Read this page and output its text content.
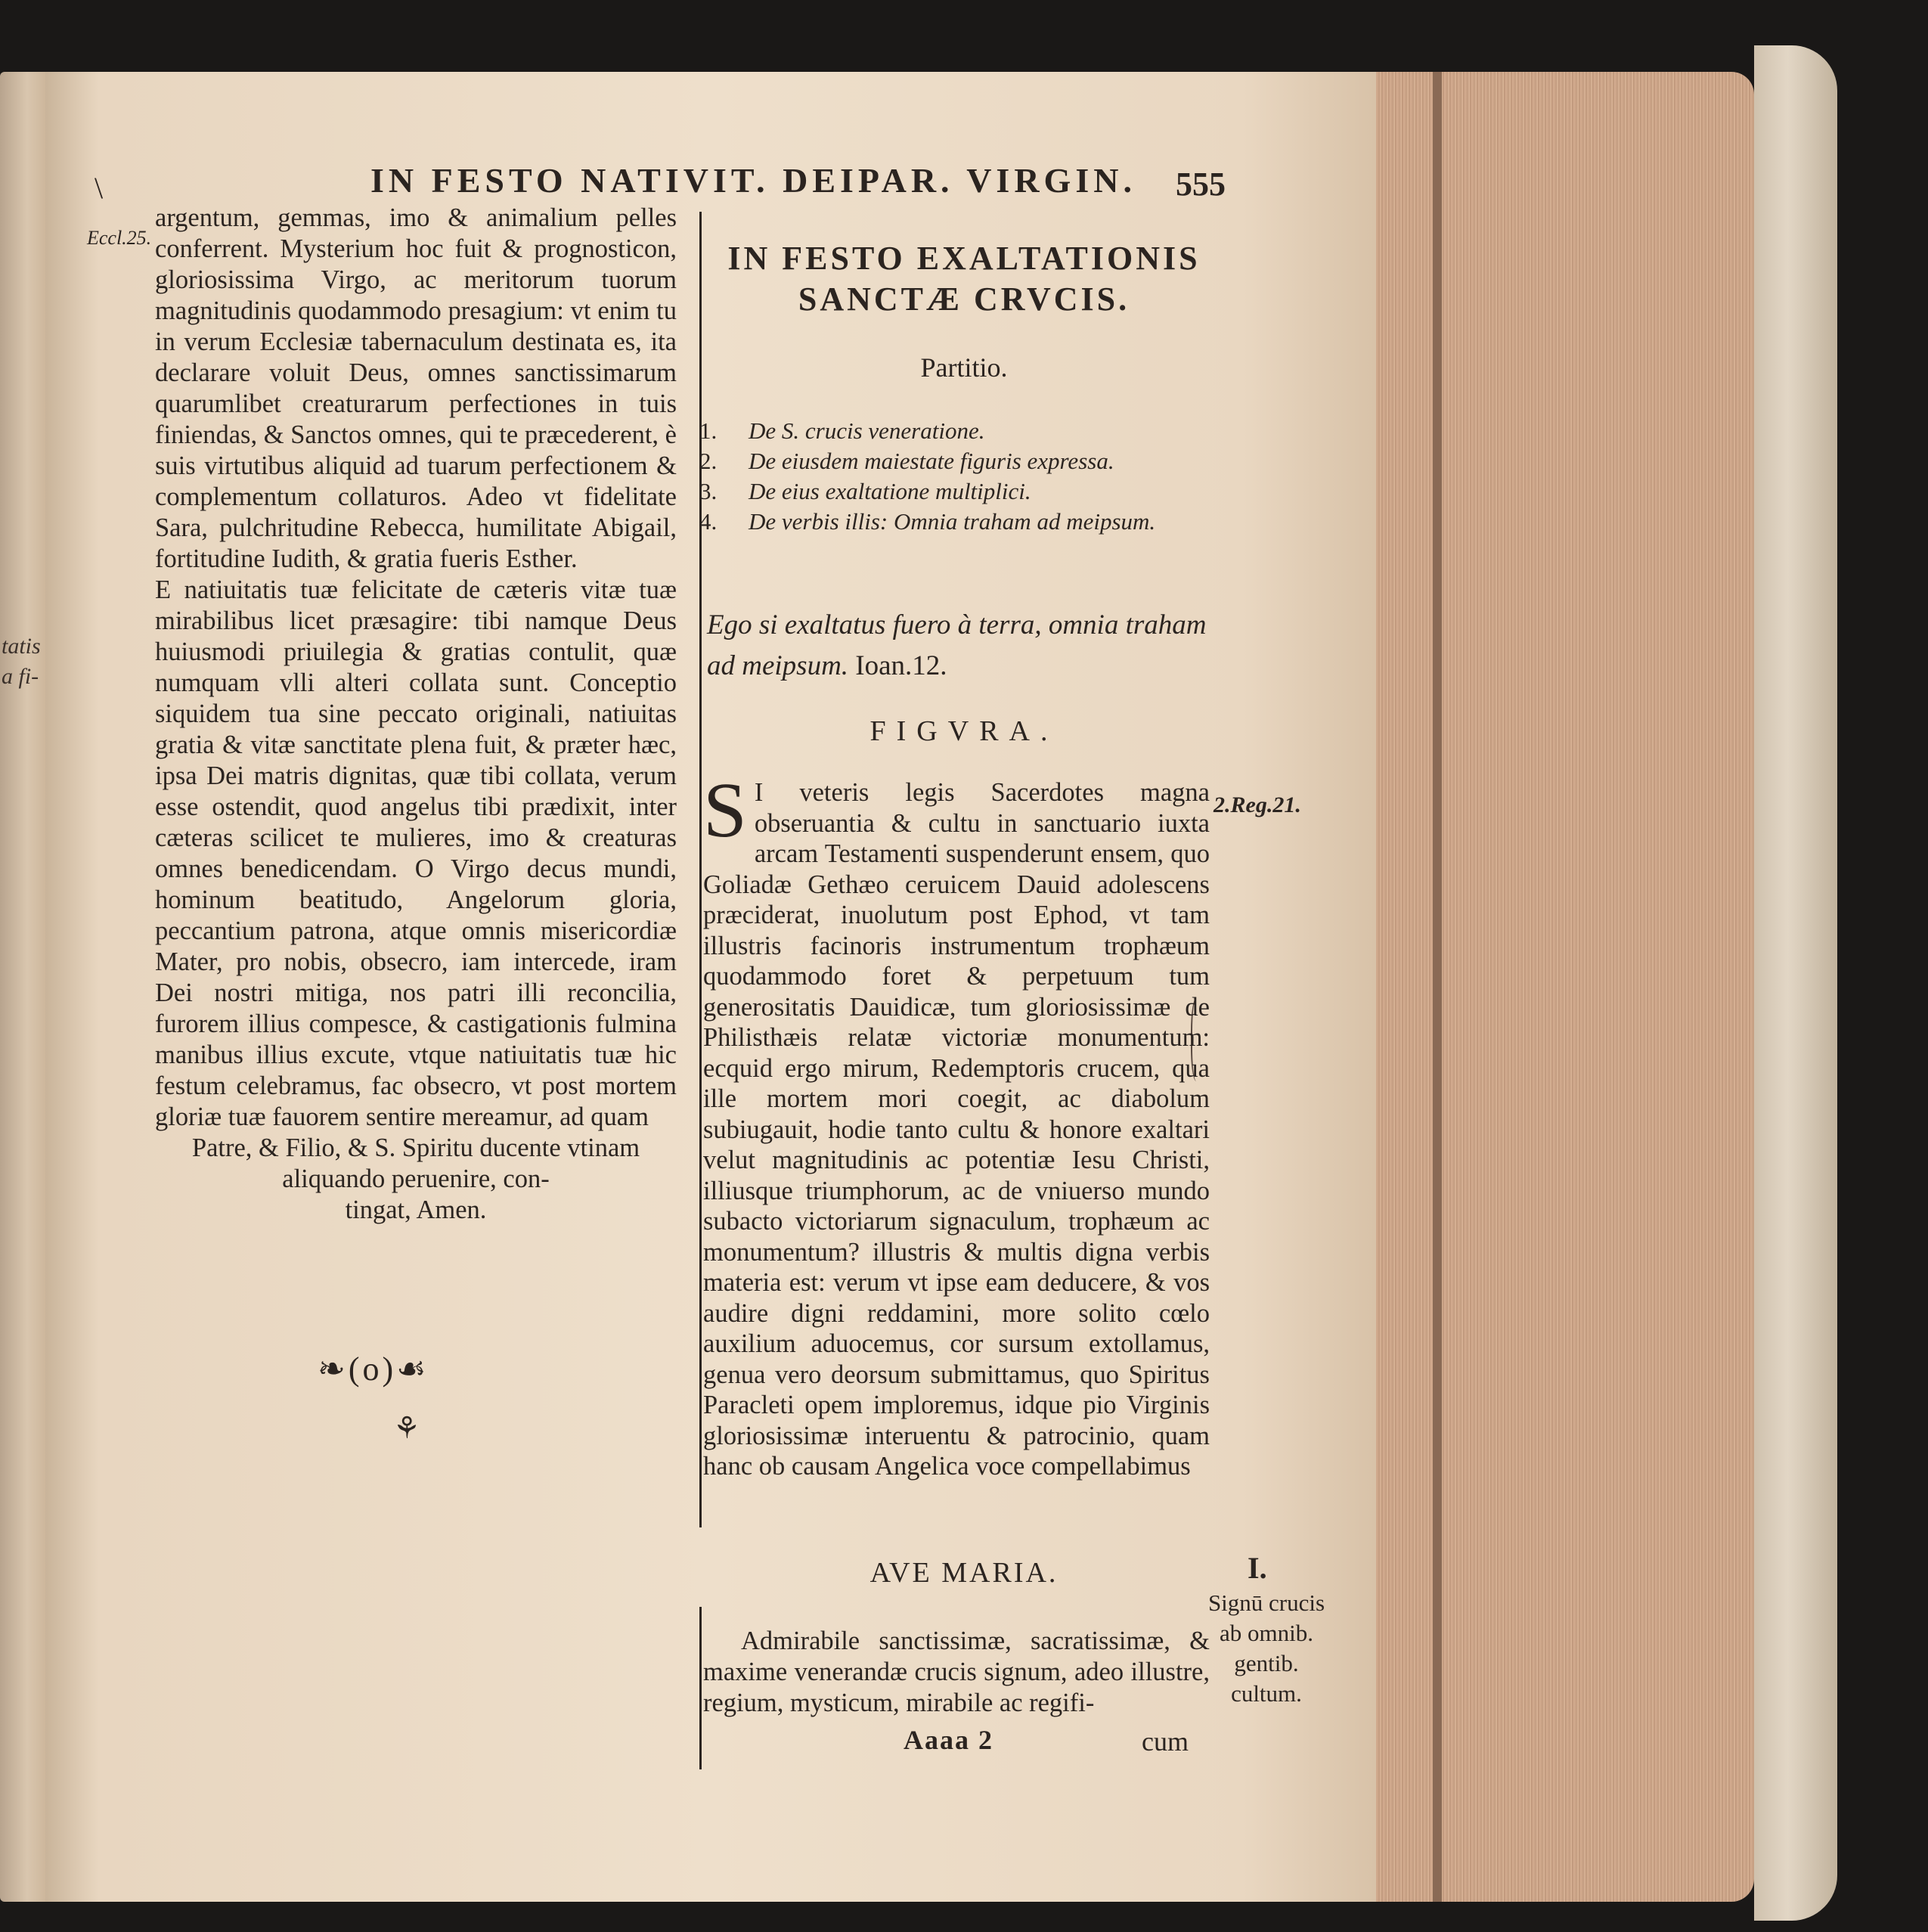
tatis
a fi-
\	IN FESTO NATIVIT. DEIPAR. VIRGIN. 555
Eccl.25.

argentum, gemmas, imo & animalium pelles conferrent. Mysterium hoc fuit & prognosticon, gloriosissima Virgo, ac meritorum tuorum magnitudinis quodammodo presagium: vt enim tu in verum Ecclesiæ tabernaculum destinata es, ita declarare voluit Deus, omnes sanctissimarum quarumlibet creaturarum perfectiones in tuis finiendas, & Sanctos omnes, qui te præcederent, è suis virtutibus aliquid ad tuarum perfectionem & complementum collaturos. Adeo vt fidelitate Sara, pulchritudine Rebecca, humilitate Abigail, fortitudine Iudith, & gratia fueris Esther.

E natiuitatis tuæ felicitate de cæteris vitæ tuæ mirabilibus licet præsagire: tibi namque Deus huiusmodi priuilegia & gratias contulit, quæ numquam vlli alteri collata sunt. Conceptio siquidem tua sine peccato originali, natiuitas gratia & vitæ sanctitate plena fuit, & præter hæc, ipsa Dei matris dignitas, quæ tibi collata, verum esse ostendit, quod angelus tibi prædixit, inter cæteras scilicet te mulieres, imo & creaturas omnes benedicendam. O Virgo decus mundi, hominum beatitudo, Angelorum gloria, peccantium patrona, atque omnis misericordiæ Mater, pro nobis, obsecro, iam intercede, iram Dei nostri mitiga, nos patri illi reconcilia, furorem illius compesce, & castigationis fulmina manibus illius excute, vtque natiuitatis tuæ hic festum celebramus, fac obsecro, vt post mortem gloriæ tuæ fauorem sentire mereamur, ad quam

Patre, & Filio, & S. Spiritu ducente vtinam aliquando peruenire, con-

tingat, Amen.

❧(o)☙
⚘
IN FESTO EXALTATIONIS
SANCTÆ CRVCIS.
Partitio.
1.	De S. crucis veneratione.
2.	De eiusdem maiestate figuris expressa.
3.	De eius exaltatione multiplici.
4.	De verbis illis: Omnia traham ad meipsum.
Ego si exaltatus fuero à terra, omnia traham ad meipsum. Ioan.12.
FIGVRA.
2.Reg.21.

S I veteris legis Sacerdotes magna obseruantia & cultu in sanctuario iuxta arcam Testamenti suspenderunt ensem, quo Goliadæ Gethæo ceruicem Dauid adolescens præciderat, inuolutum post Ephod, vt tam illustris facinoris instrumentum trophæum quodammodo foret & perpetuum tum generositatis Dauidicæ, tum gloriosissimæ de Philisthæis relatæ victoriæ monumentum: ecquid ergo mirum, Redemptoris crucem, qua ille mortem mori coegit, ac diabolum subiugauit, hodie tanto cultu & honore exaltari velut magnitudinis ac potentiæ Iesu Christi, illiusque triumphorum, ac de vniuerso mundo subacto victoriarum signaculum, trophæum ac monumentum? illustris & multis digna verbis materia est: verum vt ipse eam deducere, & vos audire digni reddamini, more solito cœlo auxilium aduocemus, cor sursum extollamus, genua vero deorsum submittamus, quo Spiritus Paracleti opem imploremus, idque pio Virginis gloriosissimæ interuentu & patrocinio, quam hanc ob causam Angelica voce compellabimus

AVE MARIA.	I.
Signū crucis ab omnib. gentib. cultum.
Admirabile sanctissimæ, sacratissimæ, & maxime venerandæ crucis signum, adeo illustre, regium, mysticum, mirabile ac regifi-
Aaaa 2	cum
